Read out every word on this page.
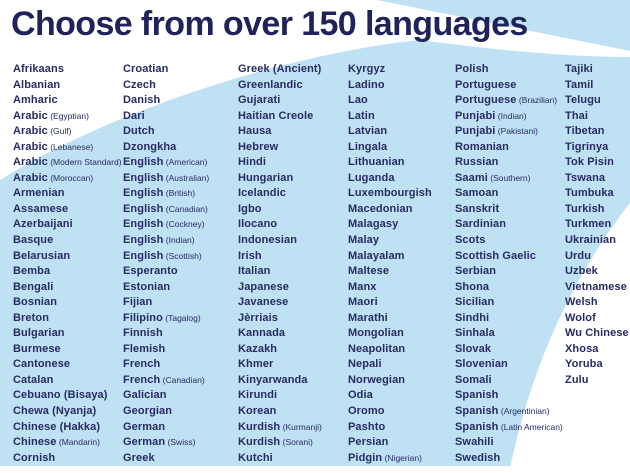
Choose from over 150 languages
Afrikaans
Albanian
Amharic
Arabic (Egyptian)
Arabic (Gulf)
Arabic (Lebanese)
Arabic (Modern Standard)
Arabic (Moroccan)
Armenian
Assamese
Azerbaijani
Basque
Belarusian
Bemba
Bengali
Bosnian
Breton
Bulgarian
Burmese
Cantonese
Catalan
Cebuano (Bisaya)
Chewa (Nyanja)
Chinese (Hakka)
Chinese (Mandarin)
Cornish
Croatian
Czech
Danish
Dari
Dutch
Dzongkha
English (American)
English (Australian)
English (British)
English (Canadian)
English (Cockney)
English (Indian)
English (Scottish)
Esperanto
Estonian
Fijian
Filipino (Tagalog)
Finnish
Flemish
French
French (Canadian)
Galician
Georgian
German
German (Swiss)
Greek
Greek (Ancient)
Greenlandic
Gujarati
Haitian Creole
Hausa
Hebrew
Hindi
Hungarian
Icelandic
Igbo
Ilocano
Indonesian
Irish
Italian
Japanese
Javanese
Jèrriais
Kannada
Kazakh
Khmer
Kinyarwanda
Kirundi
Korean
Kurdish (Kurmanji)
Kurdish (Sorani)
Kutchi
Kyrgyz
Ladino
Lao
Latin
Latvian
Lingala
Lithuanian
Luganda
Luxembourgish
Macedonian
Malagasy
Malay
Malayalam
Maltese
Manx
Maori
Marathi
Mongolian
Neapolitan
Nepali
Norwegian
Odia
Oromo
Pashto
Persian
Pidgin (Nigerian)
Polish
Portuguese
Portuguese (Brazilian)
Punjabi (Indian)
Punjabi (Pakistani)
Romanian
Russian
Saami (Southern)
Samoan
Sanskrit
Sardinian
Scots
Scottish Gaelic
Serbian
Shona
Sicilian
Sindhi
Sinhala
Slovak
Slovenian
Somali
Spanish
Spanish (Argentinian)
Spanish (Latin American)
Swahili
Swedish
Tajiki
Tamil
Telugu
Thai
Tibetan
Tigrinya
Tok Pisin
Tswana
Tumbuka
Turkish
Turkmen
Ukrainian
Urdu
Uzbek
Vietnamese
Welsh
Wolof
Wu Chinese
Xhosa
Yoruba
Zulu
